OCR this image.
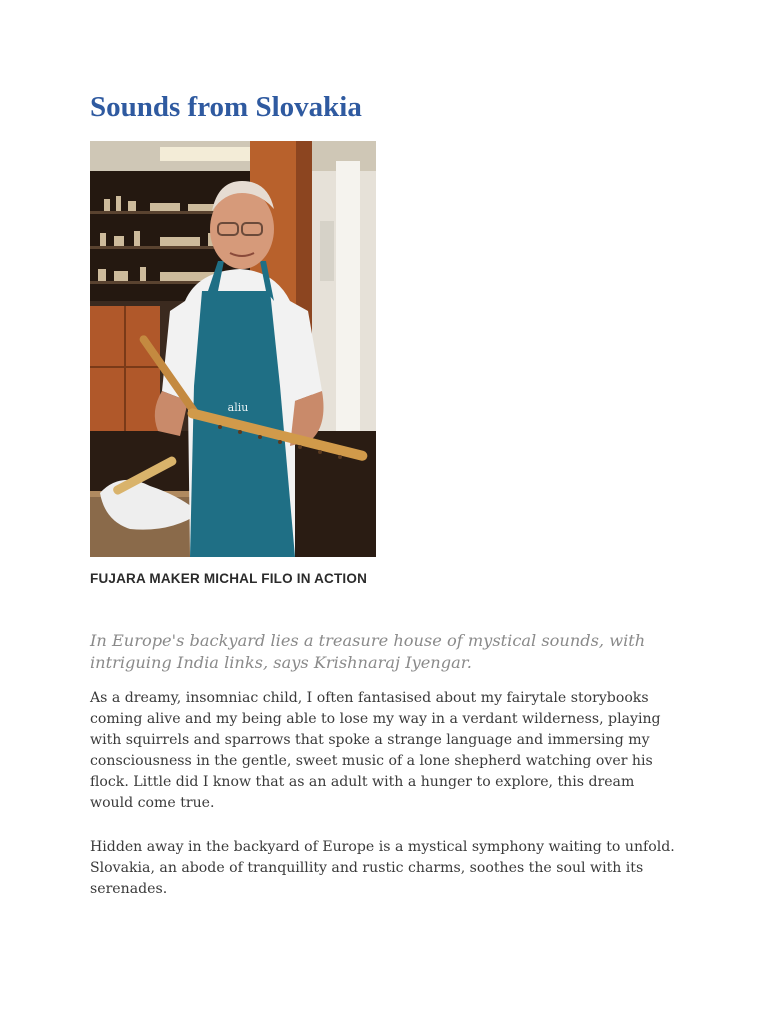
Sounds from Slovakia
aliu

FUJARA MAKER MICHAL FILO IN ACTION

In Europe's backyard lies a treasure house of mystical sounds, with intriguing India links, says Krishnaraj Iyengar.

As a dreamy, insomniac child, I often fantasised about my fairytale storybooks coming alive and my being able to lose my way in a verdant wilderness, playing with squirrels and sparrows that spoke a strange language and immersing my consciousness in the gentle, sweet music of a lone shepherd watching over his flock. Little did I know that as an adult with a hunger to explore, this dream would come true.

Hidden away in the backyard of Europe is a mystical symphony waiting to unfold. Slovakia, an abode of tranquillity and rustic charms, soothes the soul with its serenades.
